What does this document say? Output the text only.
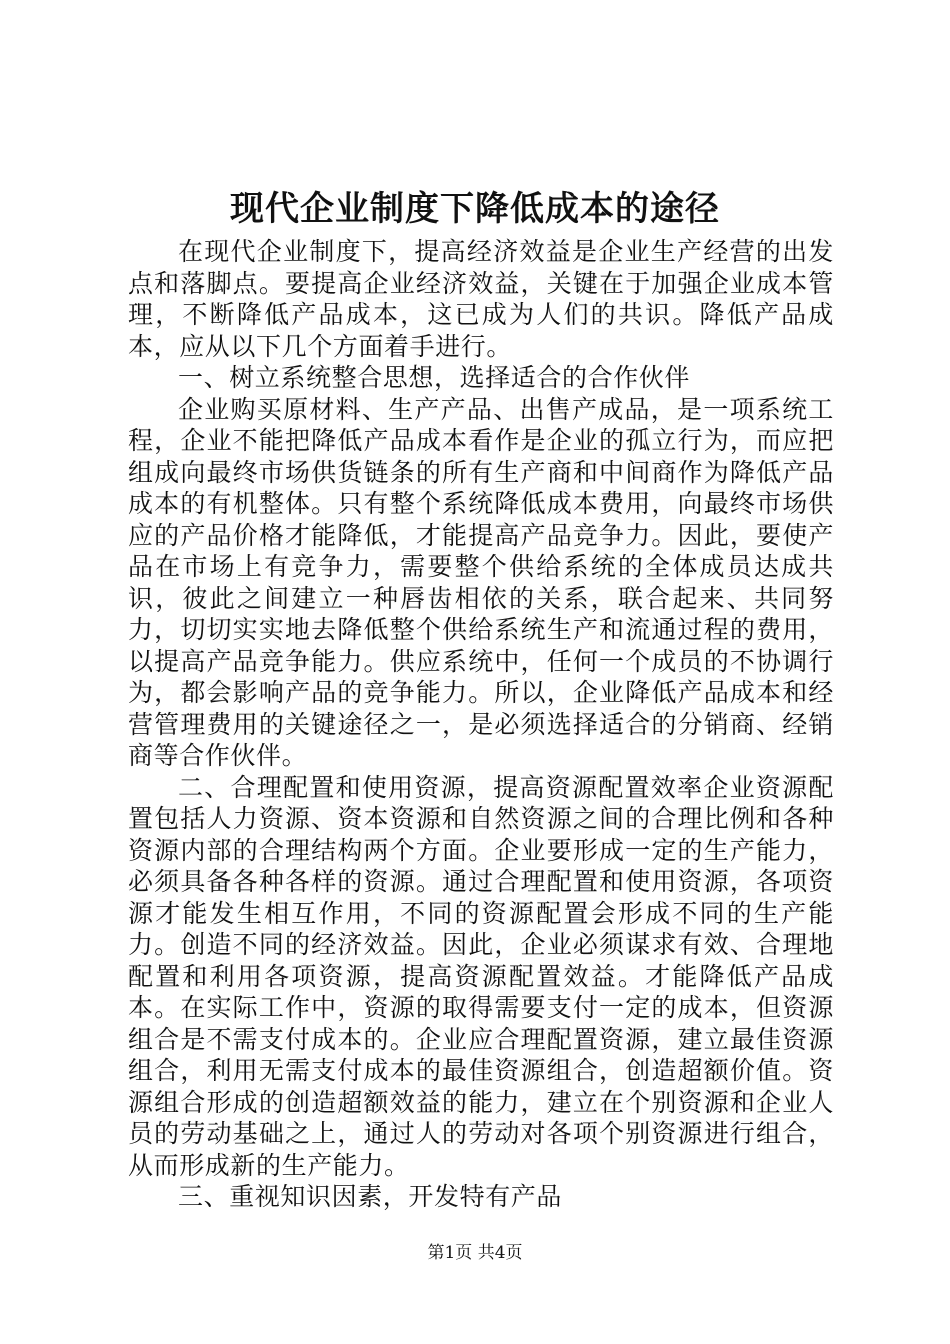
现代企业制度下降低成本的途径

在现代企业制度下，提高经济效益是企业生产经营的出发点和落脚点。要提高企业经济效益，关键在于加强企业成本管理，不断降低产品成本，这已成为人们的共识。降低产品成本，应从以下几个方面着手进行。

一、树立系统整合思想，选择适合的合作伙伴

企业购买原材料、生产产品、出售产成品，是一项系统工程，企业不能把降低产品成本看作是企业的孤立行为，而应把组成向最终市场供货链条的所有生产商和中间商作为降低产品成本的有机整体。只有整个系统降低成本费用，向最终市场供应的产品价格才能降低，才能提高产品竞争力。因此，要使产品在市场上有竞争力，需要整个供给系统的全体成员达成共识，彼此之间建立一种唇齿相依的关系，联合起来、共同努力，切切实实地去降低整个供给系统生产和流通过程的费用，以提高产品竞争能力。供应系统中，任何一个成员的不协调行为，都会影响产品的竞争能力。所以，企业降低产品成本和经营管理费用的关键途径之一，是必须选择适合的分销商、经销商等合作伙伴。

二、合理配置和使用资源，提高资源配置效率企业资源配置包括人力资源、资本资源和自然资源之间的合理比例和各种资源内部的合理结构两个方面。企业要形成一定的生产能力，必须具备各种各样的资源。通过合理配置和使用资源，各项资源才能发生相互作用，不同的资源配置会形成不同的生产能力。创造不同的经济效益。因此，企业必须谋求有效、合理地配置和利用各项资源，提高资源配置效益。才能降低产品成本。在实际工作中，资源的取得需要支付一定的成本，但资源组合是不需支付成本的。企业应合理配置资源，建立最佳资源组合，利用无需支付成本的最佳资源组合，创造超额价值。资源组合形成的创造超额效益的能力，建立在个别资源和企业人员的劳动基础之上，通过人的劳动对各项个别资源进行组合，从而形成新的生产能力。

三、重视知识因素，开发特有产品

第1页 共4页
